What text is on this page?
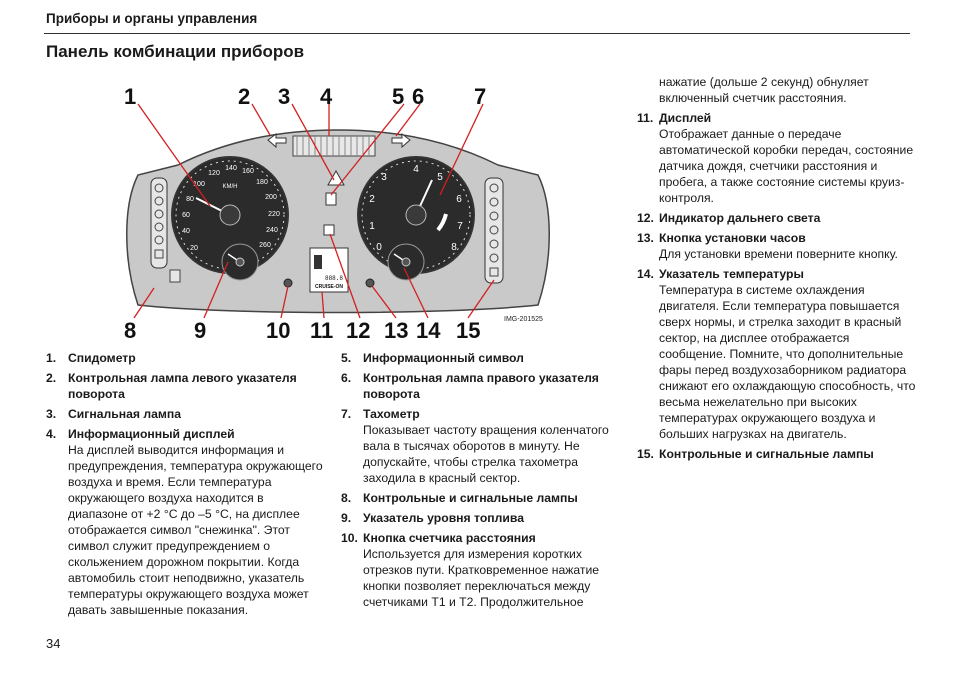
Приборы и органы управления
Панель комбинации приборов
KM/H
20
40
60
80
100
120
140 160
180
200
220
240
260	0
1
2
3
4
5
6
7
8
888.8
CRUISE-ON
1	2 3 4	5 6 7
8	9	10 11 12 13 14 15	IMG-201525
1. Спидометр
2. Контрольная лампа левого указателя поворота
3. Сигнальная лампа
4. Информационный дисплей
На дисплей выводится информация и предупреждения, температура окружающего воздуха и время. Если температура окружающего воздуха находится в диапазоне от +2 °C до –5 °C, на дисплее отображается символ "снежинка". Этот символ служит предупреждением о скольжением дорожном покрытии. Когда автомобиль стоит неподвижно, указатель температуры окружающего воздуха может давать завышенные показания.
5. Информационный символ
6. Контрольная лампа правого указателя поворота
7. Тахометр
Показывает частоту вращения коленчатого вала в тысячах оборотов в минуту. Не допускайте, чтобы стрелка тахометра заходила в красный сектор.
8. Контрольные и сигнальные лампы
9. Указатель уровня топлива
10. Кнопка счетчика расстояния
Используется для измерения коротких отрезков пути. Кратковременное нажатие кнопки позволяет переключаться между счетчиками T1 и T2. Продолжительное
нажатие (дольше 2 секунд) обнуляет включенный счетчик расстояния.
11. Дисплей
Отображает данные о передаче автоматической коробки передач, состояние датчика дождя, счетчики расстояния и пробега, а также состояние системы круиз-контроля.
12. Индикатор дальнего света
13. Кнопка установки часов
Для установки времени поверните кнопку.
14. Указатель температуры
Температура в системе охлаждения двигателя. Если температура повышается сверх нормы, и стрелка заходит в красный сектор, на дисплее отображается сообщение. Помните, что дополнительные фары перед воздухозаборником радиатора снижают его охлаждающую способность, что весьма нежелательно при высоких температурах окружающего воздуха и больших нагрузках на двигатель.
15. Контрольные и сигнальные лампы
34
